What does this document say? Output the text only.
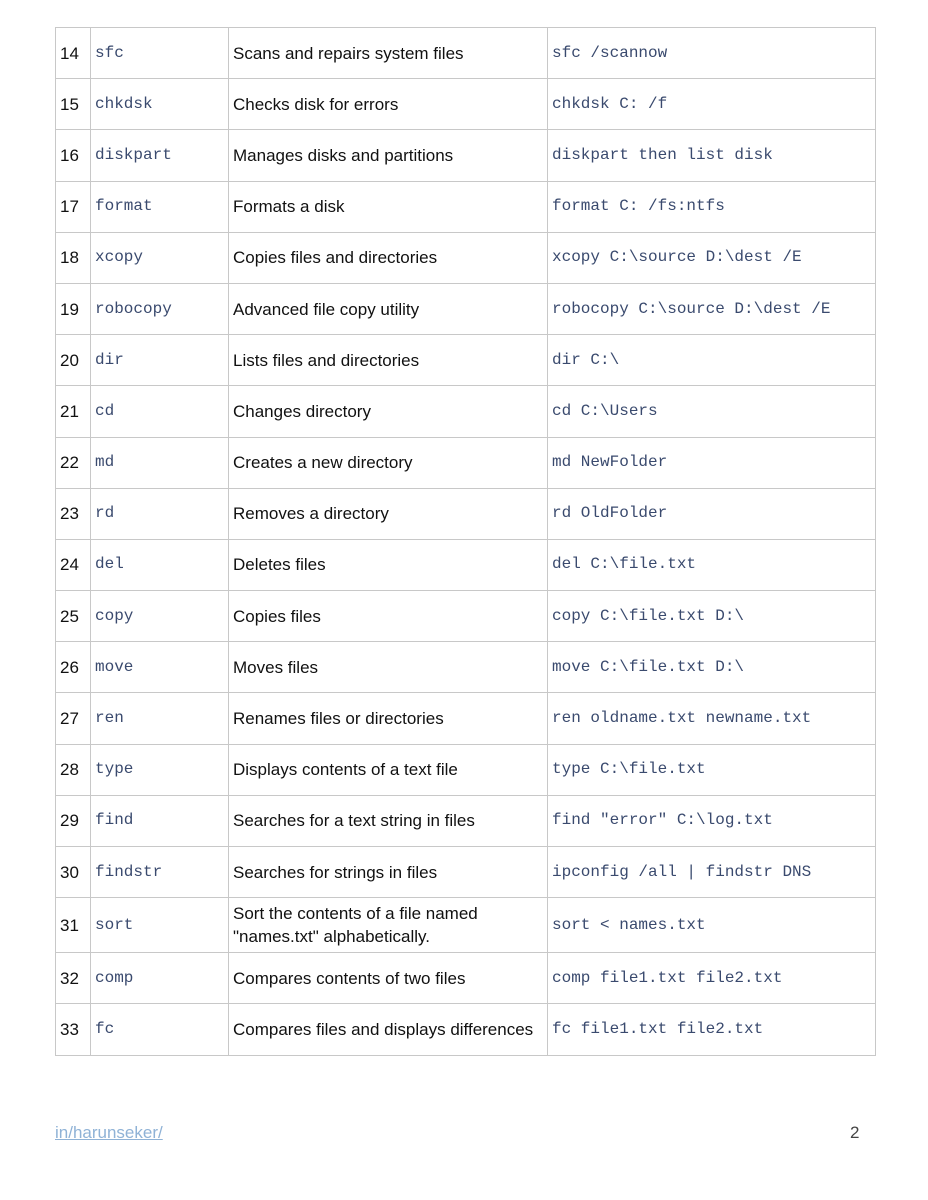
14	sfc	Scans and repairs system files	sfc /scannow
15	chkdsk	Checks disk for errors	chkdsk C: /f
16	diskpart	Manages disks and partitions	diskpart then list disk
17	format	Formats a disk	format C: /fs:ntfs
18	xcopy	Copies files and directories	xcopy C:\source D:\dest /E
19	robocopy	Advanced file copy utility	robocopy C:\source D:\dest /E
20	dir	Lists files and directories	dir C:\
21	cd	Changes directory	cd C:\Users
22	md	Creates a new directory	md NewFolder
23	rd	Removes a directory	rd OldFolder
24	del	Deletes files	del C:\file.txt
25	copy	Copies files	copy C:\file.txt D:\
26	move	Moves files	move C:\file.txt D:\
27	ren	Renames files or directories	ren oldname.txt newname.txt
28	type	Displays contents of a text file	type C:\file.txt
29	find	Searches for a text string in files	find "error" C:\log.txt
30	findstr	Searches for strings in files	ipconfig /all | findstr DNS
31	sort	Sort the contents of a file named "names.txt" alphabetically.	sort < names.txt
32	comp	Compares contents of two files	comp file1.txt file2.txt
33	fc	Compares files and displays differences	fc file1.txt file2.txt
in/harunseker/	2
